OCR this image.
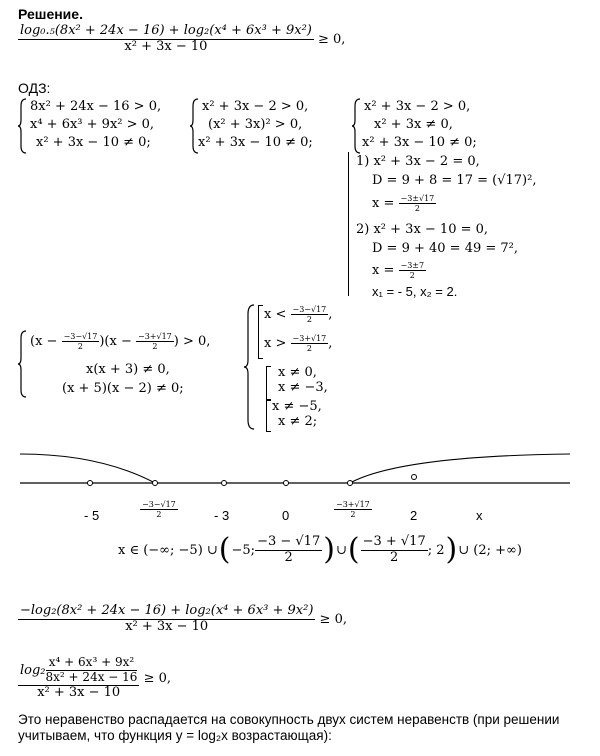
Решение.
$\frac{\text{log₀.₅(8x² + 24x − 16) + log₂(x⁴ + 6x³ + 9x²)}}{\text{x² + 3x − 10}} \ge 0$,
ОДЗ:
8x² + 24x − 16 > 0,
x⁴ + 6x³ + 9x² > 0,
x² + 3x − 10 ≠ 0;
x² + 3x − 2 > 0,
(x² + 3x)² > 0,
x² + 3x − 10 ≠ 0;
x² + 3x − 2 > 0,
x² + 3x ≠ 0,
x² + 3x − 10 ≠ 0;
1) x² + 3x − 2 = 0,
D = 9 + 8 = 17 = (√17)²,
$x = \frac{-3\pm√17}{2}$
2) x² + 3x − 10 = 0,
D = 9 + 40 = 49 = 7²,
$x = \frac{-3\pm 7}{2}$
x₁ = - 5, x₂ = 2.
$(x - \frac{-3-√17}{2} )(x - \frac{-3+√17}{2}$ ) > 0,
x(x + 3) ≠ 0,
(x + 5)(x − 2) ≠ 0;
$x < \frac{-3-√17}{2}$ ,
$x > \frac{-3+√17}{2}$ ,
x ≠ 0,
x ≠ −3,
x ≠ −5,
x ≠ 2;
- 5	$\frac{-3-√17}{2}$	- 3	0	$\frac{-3+√17}{2}$	2	x
x ∈ (−∞; −5) ∪ ( −5; $\frac{-3 - √17}{2}$ ) ∪ ( $\frac{-3 + √17}{2}$ ; 2 ) ∪ (2; +∞)
$\frac{\text{−log₂(8x² + 24x − 16) + log₂(x⁴ + 6x³ + 9x²)}}{\text{x² + 3x − 10}} \ge 0$,
$\frac{\log_2 \frac{\text{x⁴ + 6x³ + 9x²}}{\text{8x² + 24x − 16}}}{\text{x² + 3x − 10}} \ge 0$,
Это неравенство распадается на совокупность двух систем неравенств (при решении учитываем, что функция y = log₂x возрастающая):
